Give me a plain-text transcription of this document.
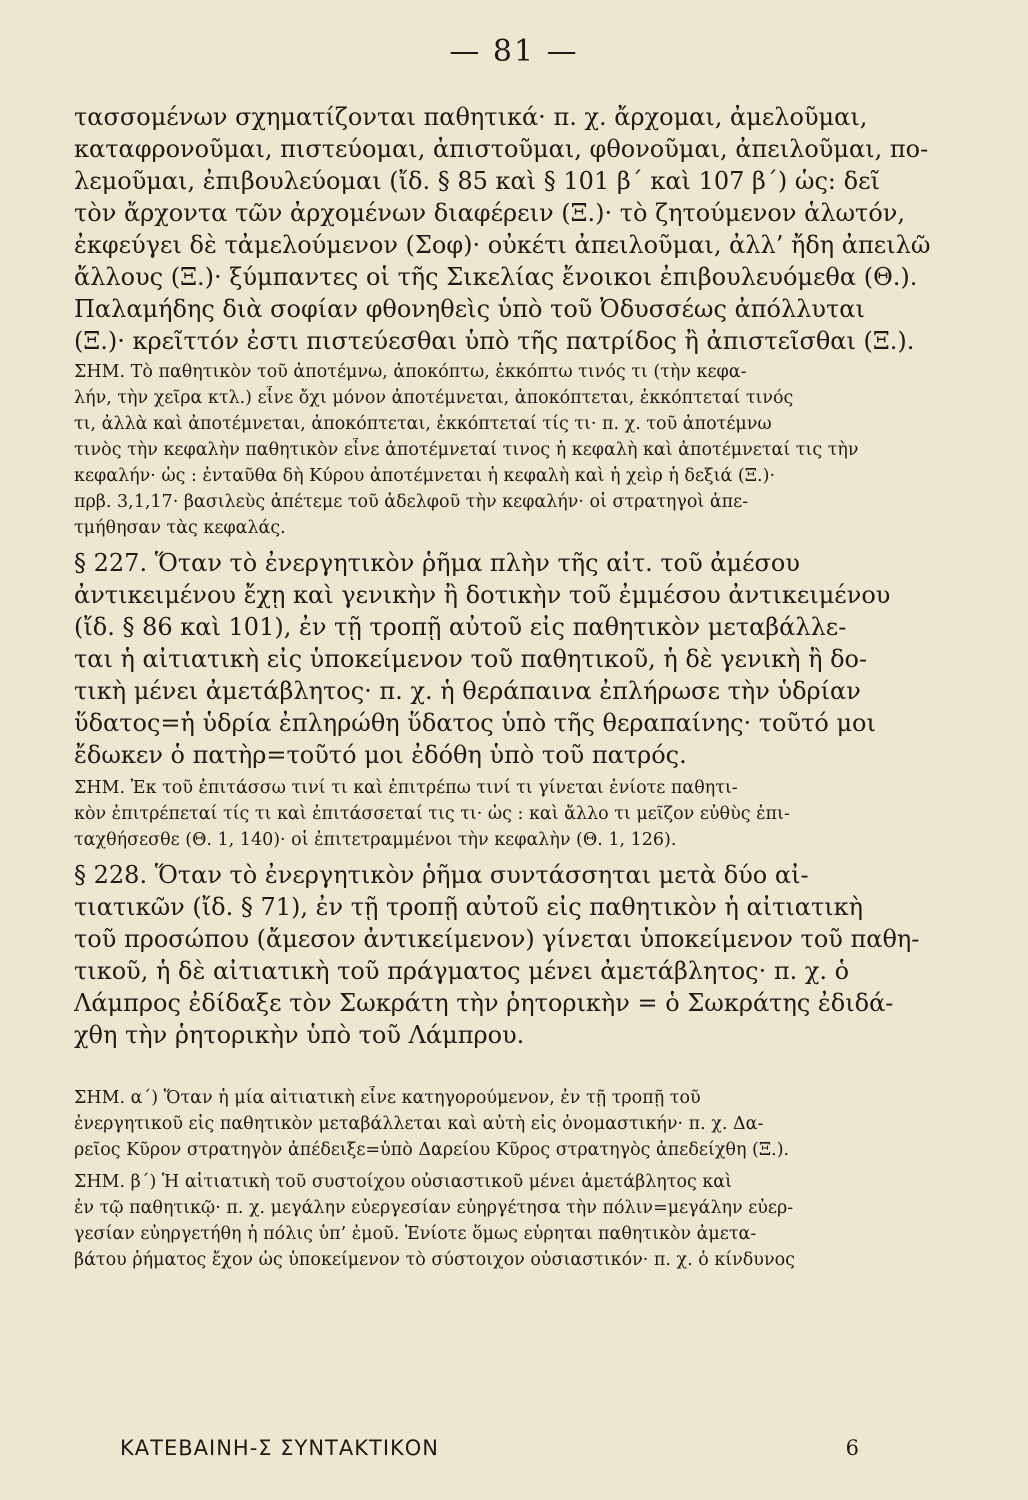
— 81 —
τασσομένων σχηματίζονται παθητικά· π. χ. ἄρχομαι, ἀμελοῦμαι,
καταφρονοῦμαι, πιστεύομαι, ἀπιστοῦμαι, φθονοῦμαι, ἀπειλοῦμαι, πο-
λεμοῦμαι, ἐπιβουλεύομαι (ἴδ. § 85 καὶ § 101 β΄ καὶ 107 β΄) ὡς: δεῖ
τὸν ἄρχοντα τῶν ἀρχομένων διαφέρειν (Ξ.)· τὸ ζητούμενον ἁλωτόν,
ἐκφεύγει δὲ τἀμελούμενον (Σοφ)· οὐκέτι ἀπειλοῦμαι, ἀλλ’ ἤδη ἀπειλῶ
ἄλλους (Ξ.)· ξύμπαντες οἱ τῆς Σικελίας ἔνοικοι ἐπιβουλευόμεθα (Θ.).
Παλαμήδης διὰ σοφίαν φθονηθεὶς ὑπὸ τοῦ Ὀδυσσέως ἀπόλλυται
(Ξ.)· κρεῖττόν ἐστι πιστεύεσθαι ὑπὸ τῆς πατρίδος ἢ ἀπιστεῖσθαι (Ξ.).
ΣΗΜ. Τὸ παθητικὸν τοῦ ἀποτέμνω, ἀποκόπτω, ἐκκόπτω τινός τι (τὴν κεφα-
λήν, τὴν χεῖρα κτλ.) εἶνε ὄχι μόνον ἀποτέμνεται, ἀποκόπτεται, ἐκκόπτεταί τινός
τι, ἀλλὰ καὶ ἀποτέμνεται, ἀποκόπτεται, ἐκκόπτεταί τίς τι· π. χ. τοῦ ἀποτέμνω
τινὸς τὴν κεφαλὴν παθητικὸν εἶνε ἀποτέμνεταί τινος ἡ κεφαλὴ καὶ ἀποτέμνεταί τις τὴν
κεφαλήν· ὡς : ἐνταῦθα δὴ Κύρου ἀποτέμνεται ἡ κεφαλὴ καὶ ἡ χεὶρ ἡ δεξιά (Ξ.)·
πρβ. 3,1,17· βασιλεὺς ἀπέτεμε τοῦ ἀδελφοῦ τὴν κεφαλήν· οἱ στρατηγοὶ ἀπε-
τμήθησαν τὰς κεφαλάς.
§ 227. Ὅταν τὸ ἐνεργητικὸν ῥῆμα πλὴν τῆς αἰτ. τοῦ ἀμέσου
ἀντικειμένου ἔχῃ καὶ γενικὴν ἢ δοτικὴν τοῦ ἐμμέσου ἀντικειμένου
(ἴδ. § 86 καὶ 101), ἐν τῇ τροπῇ αὐτοῦ εἰς παθητικὸν μεταβάλλε-
ται ἡ αἰτιατικὴ εἰς ὑποκείμενον τοῦ παθητικοῦ, ἡ δὲ γενικὴ ἢ δο-
τικὴ μένει ἀμετάβλητος· π. χ. ἡ θεράπαινα ἐπλήρωσε τὴν ὑδρίαν
ὕδατος=ἡ ὑδρία ἐπληρώθη ὕδατος ὑπὸ τῆς θεραπαίνης· τοῦτό μοι
ἔδωκεν ὁ πατὴρ=τοῦτό μοι ἐδόθη ὑπὸ τοῦ πατρός.
ΣΗΜ. Ἐκ τοῦ ἐπιτάσσω τινί τι καὶ ἐπιτρέπω τινί τι γίνεται ἐνίοτε παθητι-
κὸν ἐπιτρέπεταί τίς τι καὶ ἐπιτάσσεταί τις τι· ὡς : καὶ ἄλλο τι μεῖζον εὐθὺς ἐπι-
ταχθήσεσθε (Θ. 1, 140)· οἱ ἐπιτετραμμένοι τὴν κεφαλὴν (Θ. 1, 126).
§ 228. Ὅταν τὸ ἐνεργητικὸν ῥῆμα συντάσσηται μετὰ δύο αἰ-
τιατικῶν (ἴδ. § 71), ἐν τῇ τροπῇ αὐτοῦ εἰς παθητικὸν ἡ αἰτιατικὴ
τοῦ προσώπου (ἄμεσον ἀντικείμενον) γίνεται ὑποκείμενον τοῦ παθη-
τικοῦ, ἡ δὲ αἰτιατικὴ τοῦ πράγματος μένει ἀμετάβλητος· π. χ. ὁ
Λάμπρος ἐδίδαξε τὸν Σωκράτη τὴν ῥητορικὴν = ὁ Σωκράτης ἐδιδά-
χθη τὴν ῥητορικὴν ὑπὸ τοῦ Λάμπρου.
ΣΗΜ. α΄) Ὅταν ἡ μία αἰτιατικὴ εἶνε κατηγορούμενον, ἐν τῇ τροπῇ τοῦ
ἐνεργητικοῦ εἰς παθητικὸν μεταβάλλεται καὶ αὐτὴ εἰς ὀνομαστικήν· π. χ. Δα-
ρεῖος Κῦρον στρατηγὸν ἀπέδειξε=ὑπὸ Δαρείου Κῦρος στρατηγὸς ἀπεδείχθη (Ξ.).
ΣΗΜ. β΄) Ἡ αἰτιατικὴ τοῦ συστοίχου οὐσιαστικοῦ μένει ἀμετάβλητος καὶ
ἐν τῷ παθητικῷ· π. χ. μεγάλην εὐεργεσίαν εὐηργέτησα τὴν πόλιν=μεγάλην εὐερ-
γεσίαν εὐηργετήθη ἡ πόλις ὑπ’ ἐμοῦ. Ἐνίοτε ὅμως εὑρηται παθητικὸν ἀμετα-
βάτου ῥήματος ἔχον ὡς ὑποκείμενον τὸ σύστοιχον οὐσιαστικόν· π. χ. ὁ κίνδυνος
ΚΑΤΕΒΑΙΝΗ-Σ ΣΥΝΤΑΚΤΙΚΟΝ	6
